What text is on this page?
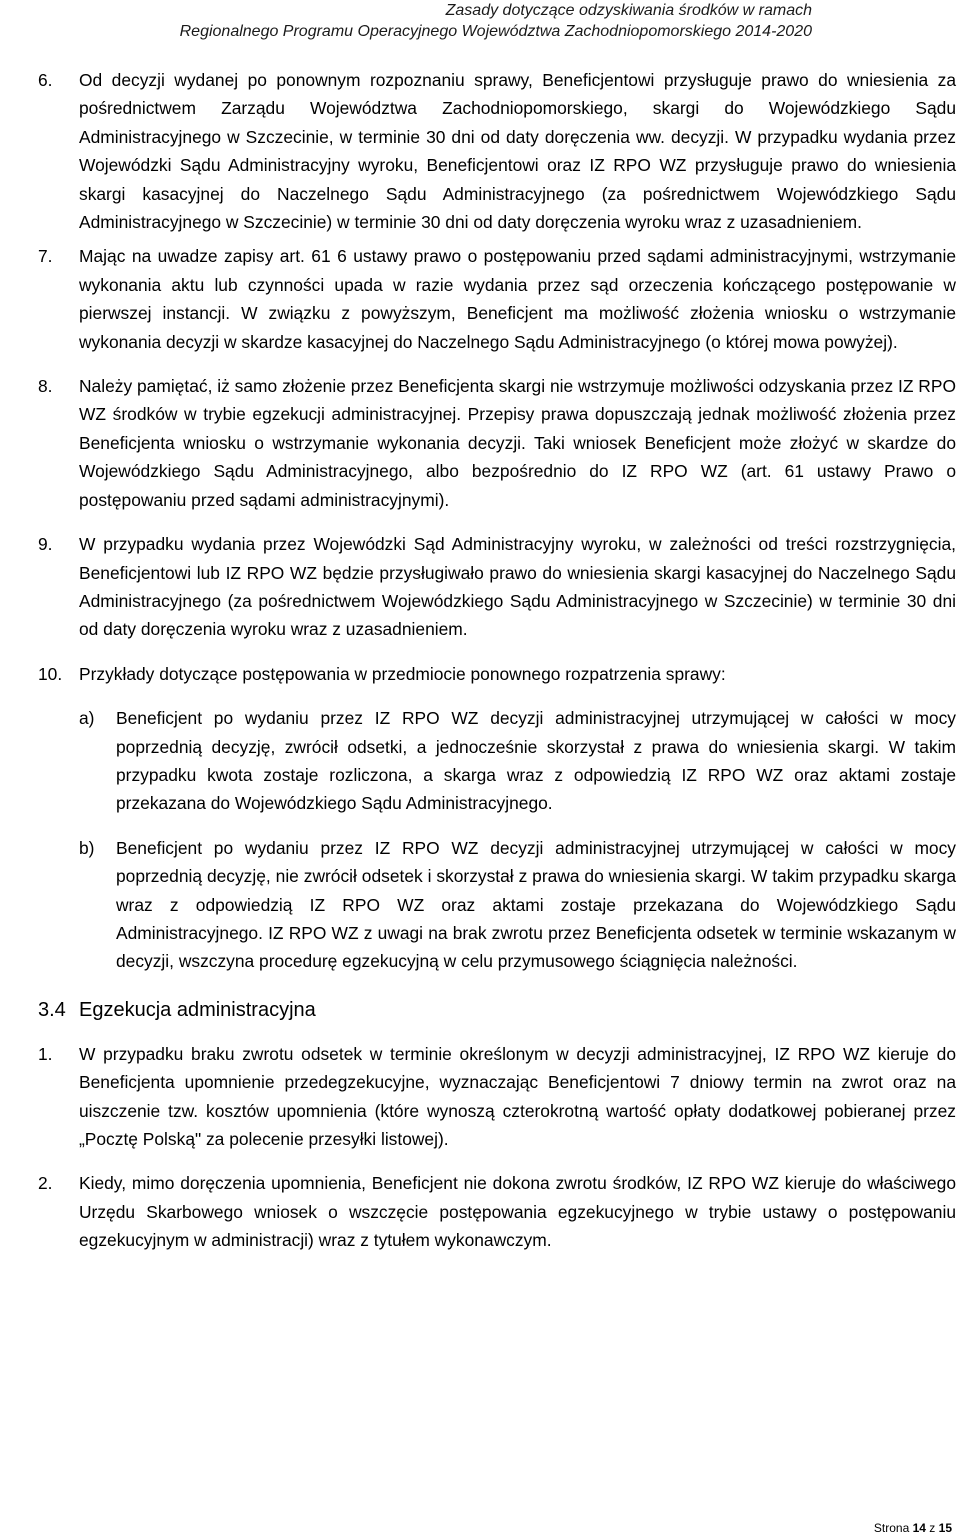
Zasady dotyczące odzyskiwania środków w ramach
Regionalnego Programu Operacyjnego Województwa Zachodniopomorskiego 2014-2020
6.	Od decyzji wydanej po ponownym rozpoznaniu sprawy, Beneficjentowi przysługuje prawo do wniesienia za pośrednictwem Zarządu Województwa Zachodniopomorskiego, skargi do Wojewódzkiego Sądu Administracyjnego w Szczecinie, w terminie 30 dni od daty doręczenia ww. decyzji. W przypadku wydania przez Wojewódzki Sądu Administracyjny wyroku, Beneficjentowi oraz IZ RPO WZ przysługuje prawo do wniesienia skargi kasacyjnej do Naczelnego Sądu Administracyjnego (za pośrednictwem Wojewódzkiego Sądu Administracyjnego w Szczecinie) w terminie 30 dni od daty doręczenia wyroku wraz z uzasadnieniem.
7.	Mając na uwadze zapisy art. 61 6 ustawy prawo o postępowaniu przed sądami administracyjnymi, wstrzymanie wykonania aktu lub czynności upada w razie wydania przez sąd orzeczenia kończącego postępowanie w pierwszej instancji. W związku z powyższym, Beneficjent ma możliwość złożenia wniosku o wstrzymanie wykonania decyzji w skardze kasacyjnej do Naczelnego Sądu Administracyjnego (o której mowa powyżej).
8.	Należy pamiętać, iż samo złożenie przez Beneficjenta skargi nie wstrzymuje możliwości odzyskania przez IZ RPO WZ środków w trybie egzekucji administracyjnej. Przepisy prawa dopuszczają jednak możliwość złożenia przez Beneficjenta wniosku o wstrzymanie wykonania decyzji. Taki wniosek Beneficjent może złożyć w skardze do Wojewódzkiego Sądu Administracyjnego, albo bezpośrednio do IZ RPO WZ (art. 61 ustawy Prawo o postępowaniu przed sądami administracyjnymi).
9.	W przypadku wydania przez Wojewódzki Sąd Administracyjny wyroku, w zależności od treści rozstrzygnięcia, Beneficjentowi lub IZ RPO WZ będzie przysługiwało prawo do wniesienia skargi kasacyjnej do Naczelnego Sądu Administracyjnego (za pośrednictwem Wojewódzkiego Sądu Administracyjnego w Szczecinie) w terminie 30 dni od daty doręczenia wyroku wraz z uzasadnieniem.
10. Przykłady dotyczące postępowania w przedmiocie ponownego rozpatrzenia sprawy:
a)	Beneficjent po wydaniu przez IZ RPO WZ decyzji administracyjnej utrzymującej w całości w mocy poprzednią decyzję, zwrócił odsetki, a jednocześnie skorzystał z prawa do wniesienia skargi. W takim przypadku kwota zostaje rozliczona, a skarga wraz z odpowiedzią IZ RPO WZ oraz aktami zostaje przekazana do Wojewódzkiego Sądu Administracyjnego.
b)	Beneficjent po wydaniu przez IZ RPO WZ decyzji administracyjnej utrzymującej w całości w mocy poprzednią decyzję, nie zwrócił odsetek i skorzystał z prawa do wniesienia skargi. W takim przypadku skarga wraz z odpowiedzią IZ RPO WZ oraz aktami zostaje przekazana do Wojewódzkiego Sądu Administracyjnego. IZ RPO WZ z uwagi na brak zwrotu przez Beneficjenta odsetek w terminie wskazanym w decyzji, wszczyna procedurę egzekucyjną w celu przymusowego ściągnięcia należności.
3.4 Egzekucja administracyjna
1.	W przypadku braku zwrotu odsetek w terminie określonym w decyzji administracyjnej, IZ RPO WZ kieruje do Beneficjenta upomnienie przedegzekucyjne, wyznaczając Beneficjentowi 7 dniowy termin na zwrot oraz na uiszczenie tzw. kosztów upomnienia (które wynoszą czterokrotną wartość opłaty dodatkowej pobieranej przez „Pocztę Polską" za polecenie przesyłki listowej).
2.	Kiedy, mimo doręczenia upomnienia, Beneficjent nie dokona zwrotu środków, IZ RPO WZ kieruje do właściwego Urzędu Skarbowego wniosek o wszczęcie postępowania egzekucyjnego w trybie ustawy o postępowaniu egzekucyjnym w administracji) wraz z tytułem wykonawczym.
Strona 14 z 15
